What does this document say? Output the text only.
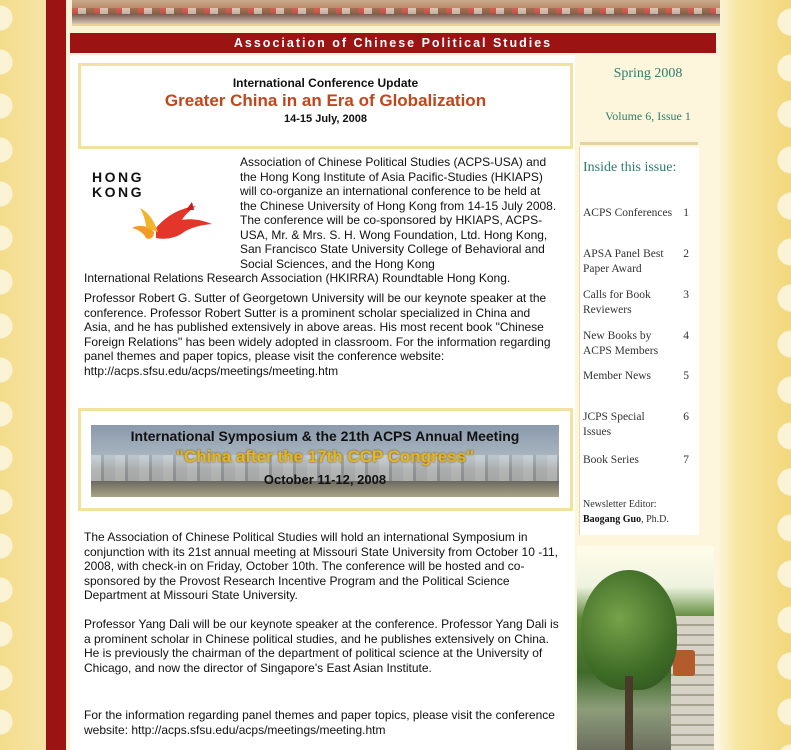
Association of Chinese Political Studies
International Conference Update
Greater China in an Era of Globalization
14-15 July, 2008
HONG
KONG

Association of Chinese Political Studies (ACPS-USA) and the Hong Kong Institute of Asia Pacific-Studies (HKIAPS) will co-organize an international conference to be held at the Chinese University of Hong Kong from 14-15 July 2008. The conference will be co-sponsored by HKIAPS, ACPS-USA, Mr. & Mrs. S. H. Wong Foundation, Ltd. Hong Kong, San Francisco State University College of Behavioral and Social Sciences, and the Hong Kong

International Relations Research Association (HKIRRA) Roundtable Hong Kong.

Professor Robert G. Sutter of Georgetown University will be our keynote speaker at the conference. Professor Robert Sutter is a prominent scholar specialized in China and Asia, and he has published extensively in above areas. His most recent book "Chinese Foreign Relations" has been widely adopted in classroom. For the information regarding panel themes and paper topics, please visit the conference website: http://acps.sfsu.edu/acps/meetings/meeting.htm

International Symposium & the 21th ACPS Annual Meeting
"China after the 17th CCP Congress"
October 11-12, 2008

The Association of Chinese Political Studies will hold an international Symposium in conjunction with its 21st annual meeting at Missouri State University from October 10 -11, 2008, with check-in on Friday, October 10th. The conference will be hosted and co-sponsored by the Provost Research Incentive Program and the Political Science Department at Missouri State University.

Professor Yang Dali will be our keynote speaker at the conference. Professor Yang Dali is a prominent scholar in Chinese political studies, and he publishes extensively on China. He is previously the chairman of the department of political science at the University of Chicago, and now the director of Singapore's East Asian Institute.

For the information regarding panel themes and paper topics, please visit the conference website: http://acps.sfsu.edu/acps/meetings/meeting.htm

Spring 2008
Volume 6, Issue 1
Inside this issue:
ACPS Conferences 1
APSA Panel Best Paper Award
2
Calls for Book Reviewers
3
New Books by ACPS Members
4
Member News	5
JCPS Special Issues
6
Book Series	7
Newsletter Editor:
Baogang Guo, Ph.D.
